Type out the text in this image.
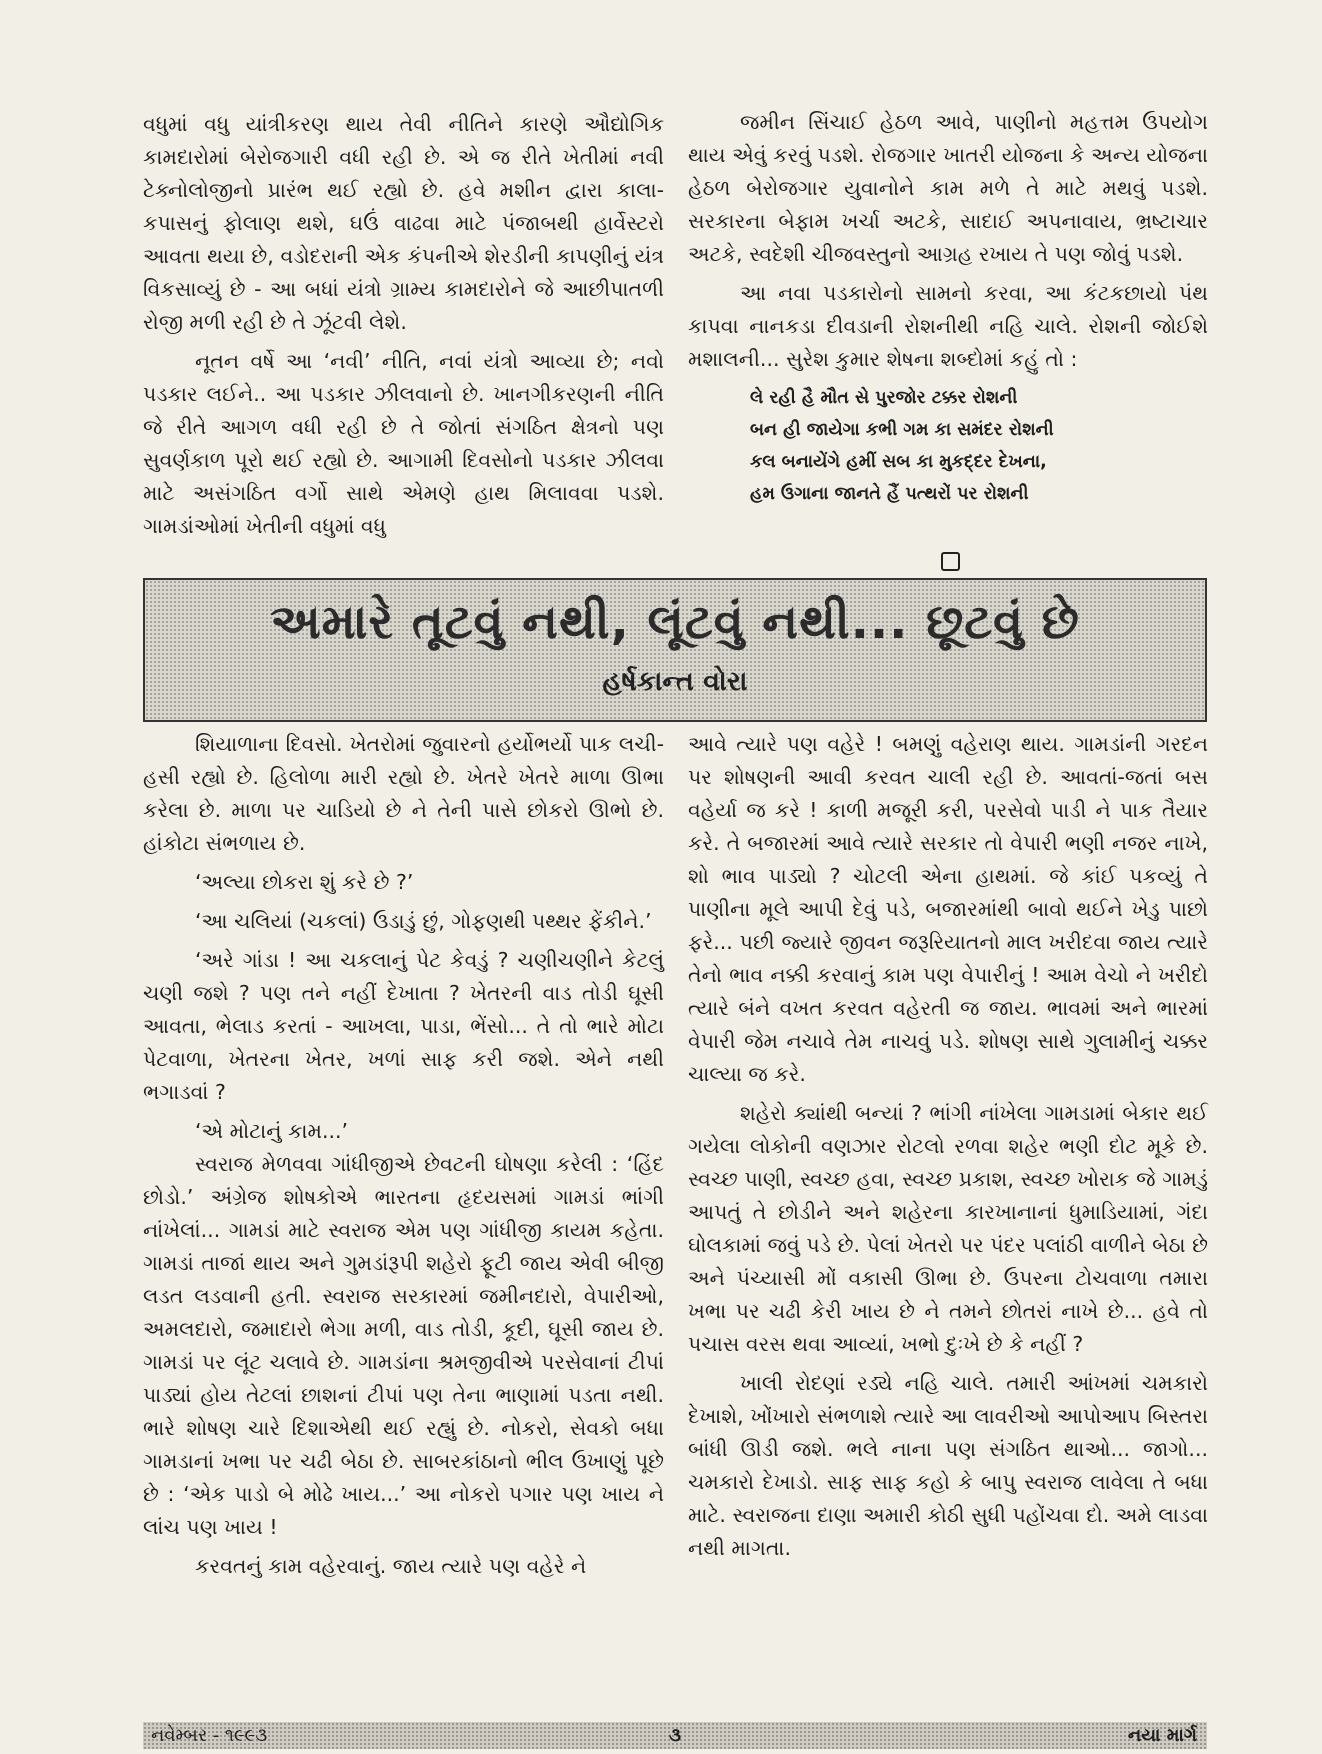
વધુમાં વધુ યાંત્રીકરણ થાય તેવી નીતિને કારણે ઔદ્યોગિક કામદારોમાં બેરોજગારી વધી રહી છે. એ જ રીતે ખેતીમાં નવી ટેક્નોલોજીનો પ્રારંભ થઈ રહ્યો છે. હવે મશીન દ્વારા કાલા-કપાસનું ફોલાણ થશે, ઘઉં વાઢવા માટે પંજાબથી હાર્વેસ્ટરો આવતા થયા છે, વડોદરાની એક કંપનીએ શેરડીની કાપણીનું યંત્ર વિકસાવ્યું છે - આ બધાં યંત્રો ગ્રામ્ય કામદારોને જે આછીપાતળી રોજી મળી રહી છે તે ઝૂંટવી લેશે.

નૂતન વર્ષે આ ‘નવી’ નીતિ, નવાં યંત્રો આવ્યા છે; નવો પડકાર લઈને.. આ પડકાર ઝીલવાનો છે. ખાનગીકરણની નીતિ જે રીતે આગળ વધી રહી છે તે જોતાં સંગઠિત ક્ષેત્રનો પણ સુવર્ણકાળ પૂરો થઈ રહ્યો છે. આગામી દિવસોનો પડકાર ઝીલવા માટે અસંગઠિત વર્ગો સાથે એમણે હાથ મિલાવવા પડશે. ગામડાંઓમાં ખેતીની વધુમાં વધુ

જમીન સિંચાઈ હેઠળ આવે, પાણીનો મહત્તમ ઉપયોગ થાય એવું કરવું પડશે. રોજગાર ખાતરી યોજના કે અન્ય યોજના હેઠળ બેરોજગાર યુવાનોને કામ મળે તે માટે મથવું પડશે. સરકારના બેફામ ખર્ચા અટકે, સાદાઈ અપનાવાય, ભ્રષ્ટાચાર અટકે, સ્વદેશી ચીજવસ્તુનો આગ્રહ રખાય તે પણ જોવું પડશે.

આ નવા પડકારોનો સામનો કરવા, આ કંટકછાયો પંથ કાપવા નાનકડા દીવડાની રોશનીથી નહિ ચાલે. રોશની જોઈશે મશાલની... સુરેશ કુમાર શેષના શબ્દોમાં કહું તો :

લે રહી હૈ મૌત સે પુરજોર ટક્કર રોશની
બન હી જાયેગા કભી ગમ કા સમંદર રોશની
કલ બનાયેંગે હમીં સબ કા મુકદ્દર દેખના,
હમ ઉગાના જાનતે હૈં પત્થરોં પર રોશની
અમારે તૂટવું નથી, લૂંટવું નથી... છૂટવું છે
હર્ષકાન્ત વોરા

શિયાળાના દિવસો. ખેતરોમાં જુવારનો હર્યોભર્યો પાક લચી-હસી રહ્યો છે. હિલોળા મારી રહ્યો છે. ખેતરે ખેતરે માળા ઊભા કરેલા છે. માળા પર ચાડિયો છે ને તેની પાસે છોકરો ઊભો છે. હાંકોટા સંભળાય છે.

‘અલ્યા છોકરા શું કરે છે ?’

‘આ ચલિયાં (ચકલાં) ઉડાડું છું, ગોફણથી પથ્થર ફેંકીને.’

‘અરે ગાંડા ! આ ચકલાનું પેટ કેવડું ? ચણીચણીને કેટલું ચણી જશે ? પણ તને નહીં દેખાતા ? ખેતરની વાડ તોડી ઘૂસી આવતા, ભેલાડ કરતાં - આખલા, પાડા, ભેંસો... તે તો ભારે મોટા પેટવાળા, ખેતરના ખેતર, ખળાં સાફ કરી જશે. એને નથી ભગાડવાં ?

‘એ મોટાનું કામ...’

સ્વરાજ મેળવવા ગાંધીજીએ છેવટની ઘોષણા કરેલી : ‘હિંદ છોડો.’ અંગ્રેજ શોષકોએ ભારતના હૃદયસમાં ગામડાં ભાંગી નાંખેલાં... ગામડાં માટે સ્વરાજ એમ પણ ગાંધીજી કાયમ કહેતા. ગામડાં તાજાં થાય અને ગુમડાંરૂપી શહેરો ફૂટી જાય એવી બીજી લડત લડવાની હતી. સ્વરાજ સરકારમાં જમીનદારો, વેપારીઓ, અમલદારો, જમાદારો ભેગા મળી, વાડ તોડી, કૂદી, ઘૂસી જાય છે. ગામડાં પર લૂંટ ચલાવે છે. ગામડાંના શ્રમજીવીએ પરસેવાનાં ટીપાં પાડ્યાં હોય તેટલાં છાશનાં ટીપાં પણ તેના ભાણામાં પડતા નથી. ભારે શોષણ ચારે દિશાએથી થઈ રહ્યું છે. નોકરો, સેવકો બધા ગામડાનાં ખભા પર ચઢી બેઠા છે. સાબરકાંઠાનો ભીલ ઉખાણું પૂછે છે : ‘એક પાડો બે મોઢે ખાય...’ આ નોકરો પગાર પણ ખાય ને લાંચ પણ ખાય !

કરવતનું કામ વહેરવાનું. જાય ત્યારે પણ વહેરે ને

આવે ત્યારે પણ વહેરે ! બમણું વહેરાણ થાય. ગામડાંની ગરદન પર શોષણની આવી કરવત ચાલી રહી છે. આવતાં-જતાં બસ વહેર્યા જ કરે ! કાળી મજૂરી કરી, પરસેવો પાડી ને પાક તૈયાર કરે. તે બજારમાં આવે ત્યારે સરકાર તો વેપારી ભણી નજર નાખે, શો ભાવ પાડ્યો ? ચોટલી એના હાથમાં. જે કાંઈ પકવ્યું તે પાણીના મૂલે આપી દેવું પડે, બજારમાંથી બાવો થઈને ખેડુ પાછો ફરે... પછી જ્યારે જીવન જરૂરિયાતનો માલ ખરીદવા જાય ત્યારે તેનો ભાવ નક્કી કરવાનું કામ પણ વેપારીનું ! આમ વેચો ને ખરીદો ત્યારે બંને વખત કરવત વહેરતી જ જાય. ભાવમાં અને ભારમાં વેપારી જેમ નચાવે તેમ નાચવું પડે. શોષણ સાથે ગુલામીનું ચક્કર ચાલ્યા જ કરે.

શહેરો ક્યાંથી બન્યાં ? ભાંગી નાંખેલા ગામડામાં બેકાર થઈ ગયેલા લોકોની વણઝાર રોટલો રળવા શહેર ભણી દોટ મૂકે છે. સ્વચ્છ પાણી, સ્વચ્છ હવા, સ્વચ્છ પ્રકાશ, સ્વચ્છ ખોરાક જે ગામડું આપતું તે છોડીને અને શહેરના કારખાનાનાં ધુમાડિયામાં, ગંદા ઘોલકામાં જવું પડે છે. પેલાં ખેતરો પર પંદર પલાંઠી વાળીને બેઠા છે અને પંચ્યાસી મોં વકાસી ઊભા છે. ઉપરના ટોચવાળા તમારા ખભા પર ચઢી કેરી ખાય છે ને તમને છોતરાં નાખે છે... હવે તો પચાસ વરસ થવા આવ્યાં, ખભો દુઃખે છે કે નહીં ?

ખાલી રોદણાં રડ્યે નહિ ચાલે. તમારી આંખમાં ચમકારો દેખાશે, ખોંખારો સંભળાશે ત્યારે આ લાવરીઓ આપોઆપ બિસ્તરા બાંધી ઊડી જશે. ભલે નાના પણ સંગઠિત થાઓ... જાગો... ચમકારો દેખાડો. સાફ સાફ કહો કે બાપુ સ્વરાજ લાવેલા તે બધા માટે. સ્વરાજના દાણા અમારી કોઠી સુધી પહોંચવા દો. અમે લાડવા નથી માગતા.

નવેમ્બર - ૧૯૯૩	૩	નયા માર્ગ
